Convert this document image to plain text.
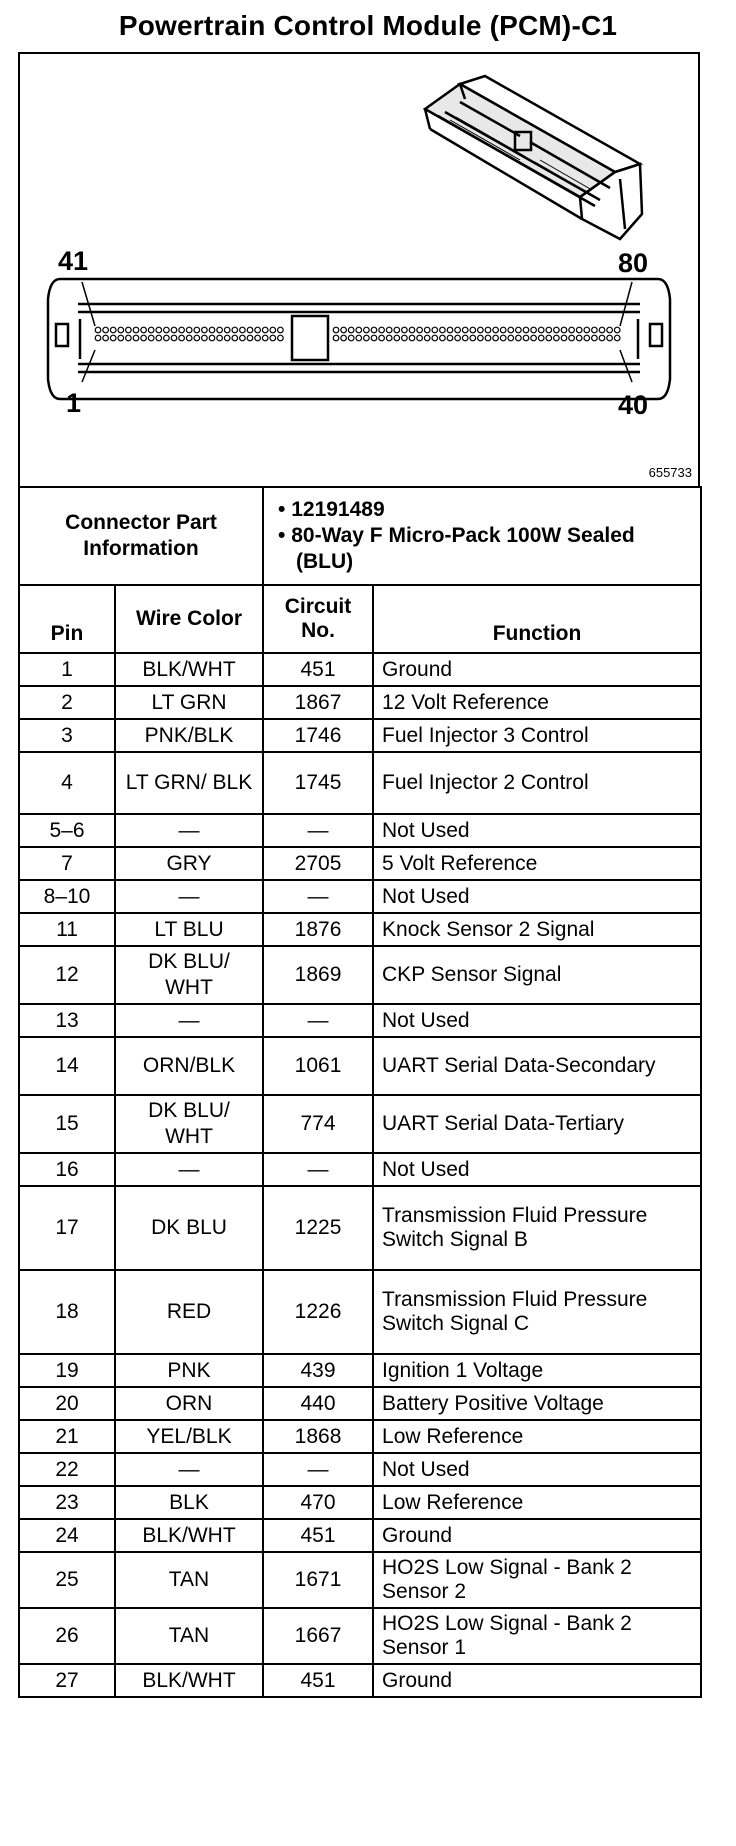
Powertrain Control Module (PCM)-C1
41	80
1	40
655733
Connector Part Information		• 12191489
• 80-Way F Micro-Pack 100W Sealed (BLU)	

Pin	Wire Color	Circuit No.	Function
1	BLK/WHT	451	Ground
2	LT GRN	1867	12 Volt Reference
3	PNK/BLK	1746	Fuel Injector 3 Control
4	LT GRN/ BLK	1745	Fuel Injector 2 Control
5–6	—	—	Not Used
7	GRY	2705	5 Volt Reference
8–10	—	—	Not Used
11	LT BLU	1876	Knock Sensor 2 Signal
12	DK BLU/ WHT	1869	CKP Sensor Signal
13	—	—	Not Used
14	ORN/BLK	1061	UART Serial Data-Secondary
15	DK BLU/ WHT	774	UART Serial Data-Tertiary
16	—	—	Not Used
17	DK BLU	1225	Transmission Fluid Pressure Switch Signal B
18	RED	1226	Transmission Fluid Pressure Switch Signal C
19	PNK	439	Ignition 1 Voltage
20	ORN	440	Battery Positive Voltage
21	YEL/BLK	1868	Low Reference
22	—	—	Not Used
23	BLK	470	Low Reference
24	BLK/WHT	451	Ground
25	TAN	1671	HO2S Low Signal - Bank 2 Sensor 2
26	TAN	1667	HO2S Low Signal - Bank 2 Sensor 1
27	BLK/WHT	451	Ground
